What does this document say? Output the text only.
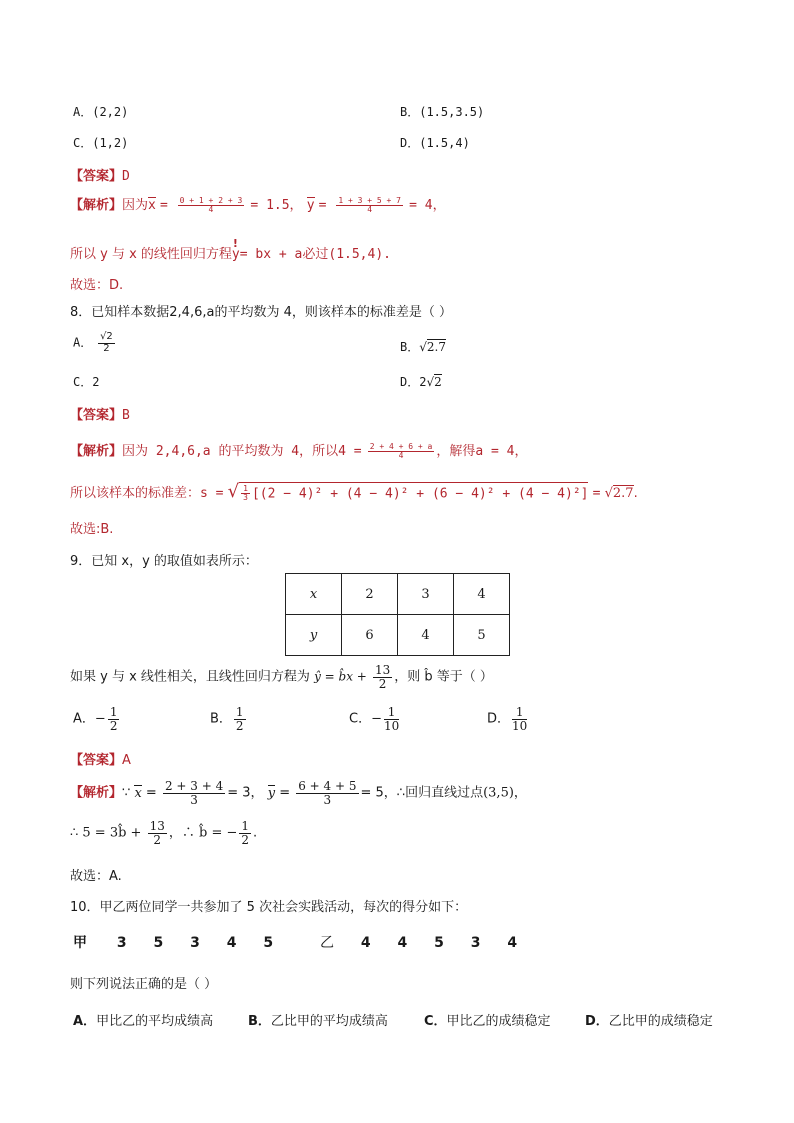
A．(2,2)	B．(1.5,3.5)
C．(1,2)	D．(1.5,4)
【答案】D
【解析】因为$x = \frac{0 + 1 + 2 + 3}{4} = 1.5$， $y = \frac{1 + 3 + 5 + 7}{4} = 4$，
所以 y 与 x 的线性回归方程
!
y= bx + a必过(1.5,4).
故选：D.
8．已知样本数据2,4,6,a的平均数为 4，则该样本的标准差是（ ）
A． $\frac{√2}{2}$	B．√2.7
C．2	D．2√2
【答案】B
【解析】因为 2,4,6,a 的平均数为 4，所以$4 = \frac{2 + 4 + 6 + a}{4}$ ，解得a = 4，
所以该样本的标准差：s = √ $\frac{1}{3} [(2 - 4)^2 + (4 - 4)^2 + (6 - 4)^2 + (4 - 4)^2] = √2.7$.
故选:B.
9．已知 x，y 的取值如表所示：
x	2	3	4
y	6	4	5
如果 y 与 x 线性相关，且线性回归方程为 ŷ = b̂x + $\frac{13}{2}$ ，则 b̂ 等于（ ）
A．− $\frac{1}{2}$	B． $\frac{1}{2}$	C．− $\frac{1}{10}$	D． $\frac{1}{10}$
【答案】A
【解析】∵ $x = \frac{2 + 3 + 4}{3} = 3$， $y = \frac{6 + 4 + 5}{3} = 5$，∴回归直线过点(3,5)，
∴ 5 = 3b̂ + $\frac{13}{2}$ ，∴ b̂ = − $\frac{1}{2}$ .
故选：A.
10．甲乙两位同学一共参加了 5 次社会实践活动，每次的得分如下：
甲 3 5 3 4 5	乙 4 4 5 3 4
则下列说法正确的是（ ）
A．甲比乙的平均成绩高	B．乙比甲的平均成绩高	C．甲比乙的成绩稳定	D．乙比甲的成绩稳定
